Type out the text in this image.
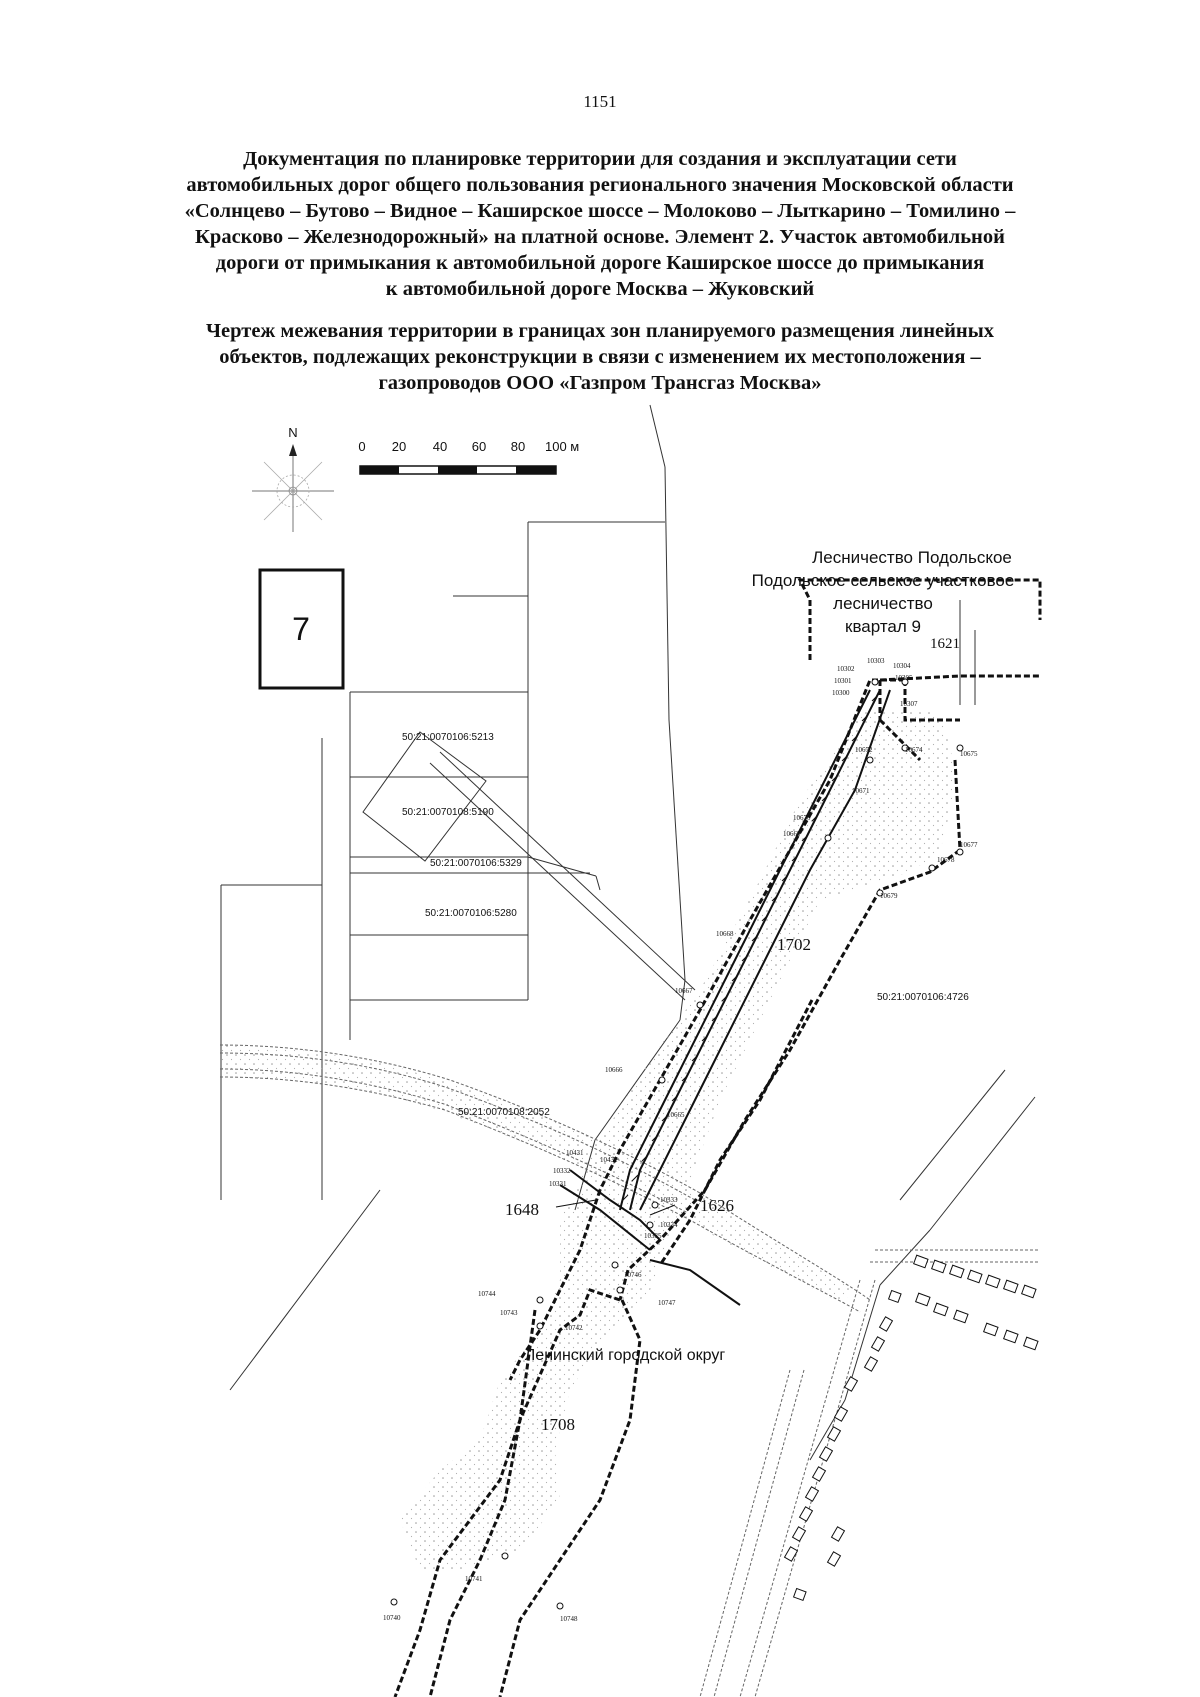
1151
Документация по планировке территории для создания и эксплуатации сети
автомобильных дорог общего пользования регионального значения Московской области
«Солнцево – Бутово – Видное – Каширское шоссе – Молоково – Лыткарино – Томилино –
Красково – Железнодорожный» на платной основе. Элемент 2. Участок автомобильной
дороги от примыкания к автомобильной дороге Каширское шоссе до примыкания
к автомобильной дороге Москва – Жуковский
Чертеж межевания территории в границах зон планируемого размещения линейных
объектов, подлежащих реконструкции в связи с изменением их местоположения –
газопроводов ООО «Газпром Трансгаз Москва»
N
0 20 40 60 80 100 м
7
Лесничество Подольское
Подольское сельское участковое
лесничество
квартал 9
Ленинский городской округ
1621
1702
1648	1626
1708
50:21:0070106:5213
50:21:0070108:5190
50:21:0070106:5329
50:21:0070106:5280
50:21:0070106:4726
50:21:0070108:2052
10303
10302	10304
10301	10305
10300
10307
10672	10674	10675
10671
10670
10669
10677
10678
10679
10668
10667
10666
10665
10431
10432
10332
10331
10333
10334
10335
10744
10743
10746
10747
10742
10741
10740	10748
